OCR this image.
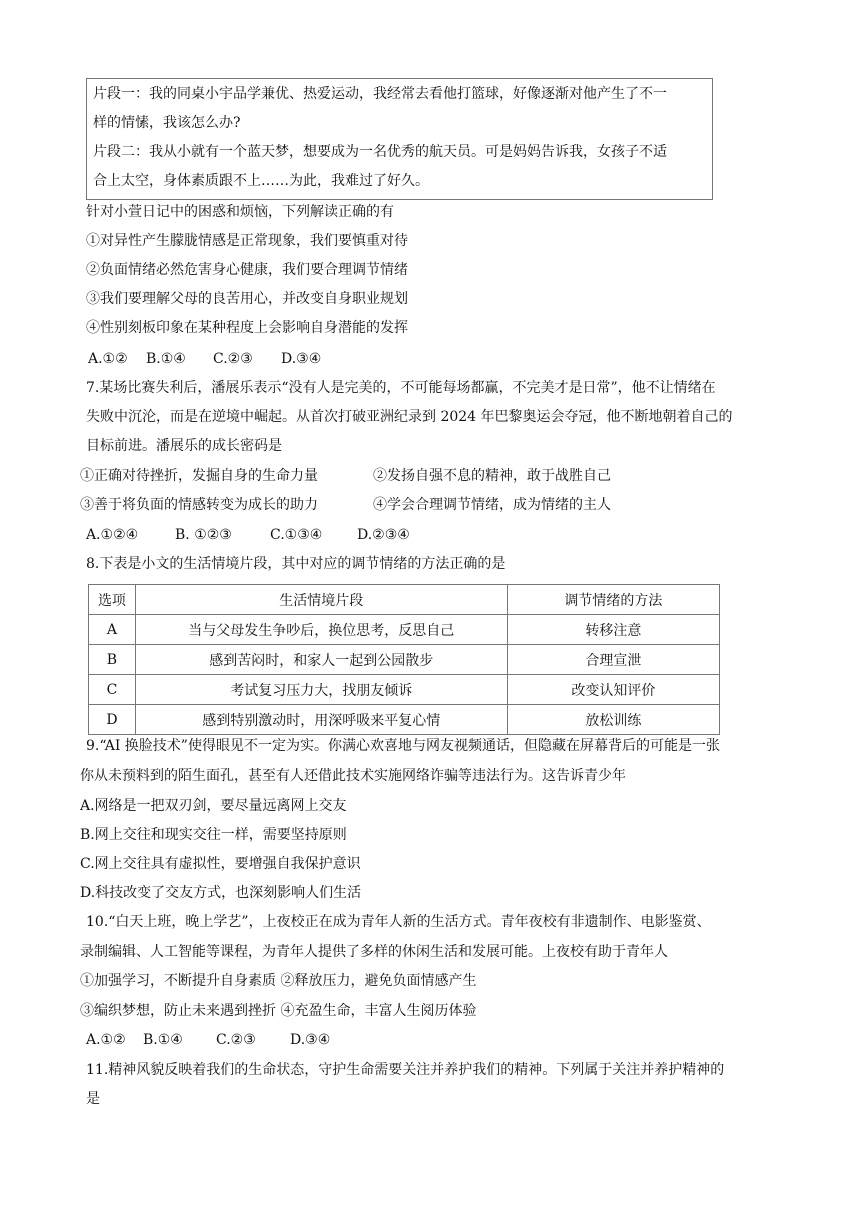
片段一：我的同桌小宇品学兼优、热爱运动，我经常去看他打篮球，好像逐渐对他产生了不一
样的情愫，我该怎么办?
片段二：我从小就有一个蓝天梦，想要成为一名优秀的航天员。可是妈妈告诉我，女孩子不适
合上太空，身体素质跟不上……为此，我难过了好久。
针对小萱日记中的困惑和烦恼，下列解读正确的有
①对异性产生朦胧情感是正常现象，我们要慎重对待
②负面情绪必然危害身心健康，我们要合理调节情绪
③我们要理解父母的良苦用心，并改变自身职业规划
④性别刻板印象在某种程度上会影响自身潜能的发挥
A.①② B.①④ C.②③ D.③④
7.某场比赛失利后，潘展乐表示“没有人是完美的，不可能每场都赢，不完美才是日常”，他不让情绪在
失败中沉沦，而是在逆境中崛起。从首次打破亚洲纪录到 2024 年巴黎奥运会夺冠，他不断地朝着自己的
目标前进。潘展乐的成长密码是
①正确对待挫折，发掘自身的生命力量	②发扬自强不息的精神，敢于战胜自己
③善于将负面的情感转变为成长的助力	④学会合理调节情绪，成为情绪的主人
A.①②④	B. ①②③	C.①③④ D.②③④
8.下表是小文的生活情境片段，其中对应的调节情绪的方法正确的是
选项	生活情境片段	调节情绪的方法
A	当与父母发生争吵后，换位思考，反思自己	转移注意
B	感到苦闷时，和家人一起到公园散步	合理宣泄
C	考试复习压力大，找朋友倾诉	改变认知评价
D	感到特别激动时，用深呼吸来平复心情	放松训练
9.“AI 换脸技术”使得眼见不一定为实。你满心欢喜地与网友视频通话，但隐藏在屏幕背后的可能是一张
你从未预料到的陌生面孔，甚至有人还借此技术实施网络诈骗等违法行为。这告诉青少年
A.网络是一把双刃剑，要尽量远离网上交友
B.网上交往和现实交往一样，需要坚持原则
C.网上交往具有虚拟性，要增强自我保护意识
D.科技改变了交友方式，也深刻影响人们生活
10.“白天上班，晚上学艺”，上夜校正在成为青年人新的生活方式。青年夜校有非遗制作、电影鉴赏、
录制编辑、人工智能等课程，为青年人提供了多样的休闲生活和发展可能。上夜校有助于青年人
①加强学习，不断提升自身素质 ②释放压力，避免负面情感产生
③编织梦想，防止未来遇到挫折 ④充盈生命，丰富人生阅历体验
A.①② B.①④ C.②③ D.③④
11.精神风貌反映着我们的生命状态，守护生命需要关注并养护我们的精神。下列属于关注并养护精神的
是
